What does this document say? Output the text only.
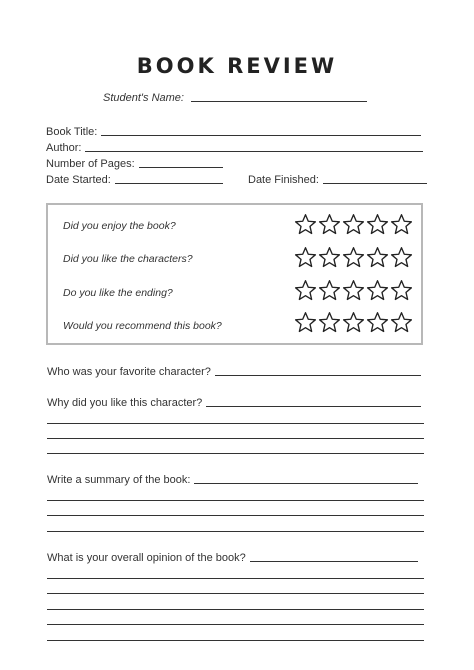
BOOK REVIEW
Student's Name:
Book Title:
Author:
Number of Pages:
Date Started:	Date Finished:
Did you enjoy the book?
Did you like the characters?
Do you like the ending?
Would you recommend this book?
Who was your favorite character?
Why did you like this character?
Write a summary of the book:
What is your overall opinion of the book?
